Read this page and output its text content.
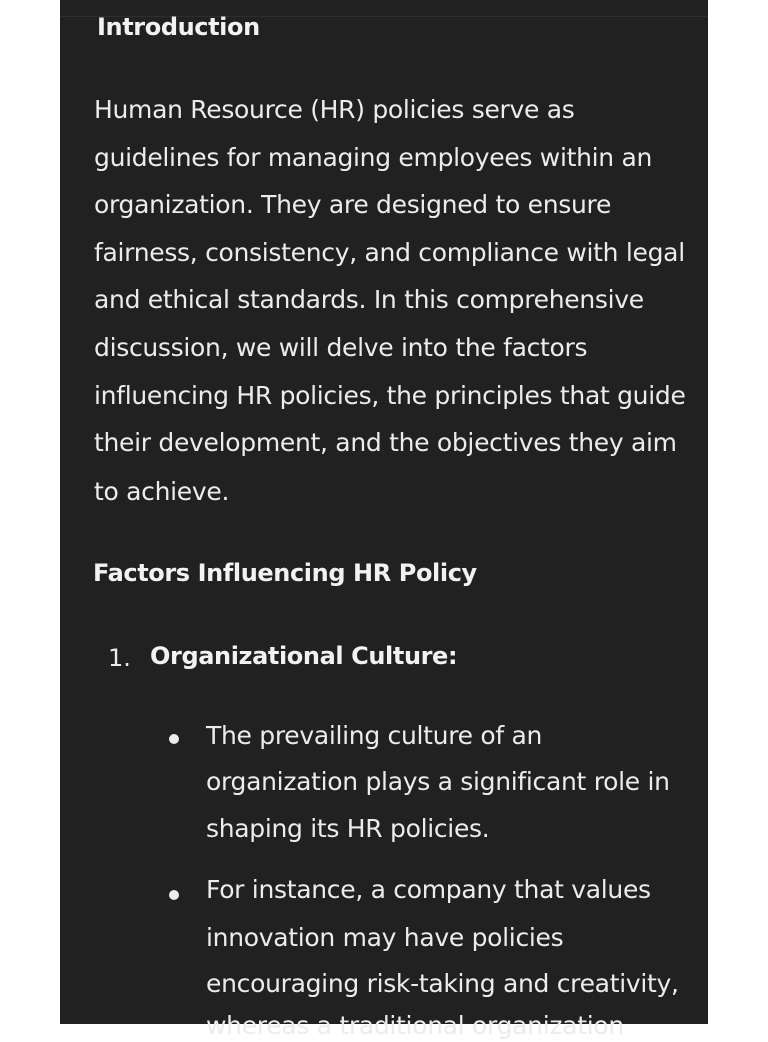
Introduction
Human Resource (HR) policies serve as
guidelines for managing employees within an
organization. They are designed to ensure
fairness, consistency, and compliance with legal
and ethical standards. In this comprehensive
discussion, we will delve into the factors
influencing HR policies, the principles that guide
their development, and the objectives they aim
to achieve.
Factors Influencing HR Policy
1. Organizational Culture:
The prevailing culture of an
organization plays a significant role in
shaping its HR policies.
For instance, a company that values
innovation may have policies
encouraging risk-taking and creativity,
whereas a traditional organization
